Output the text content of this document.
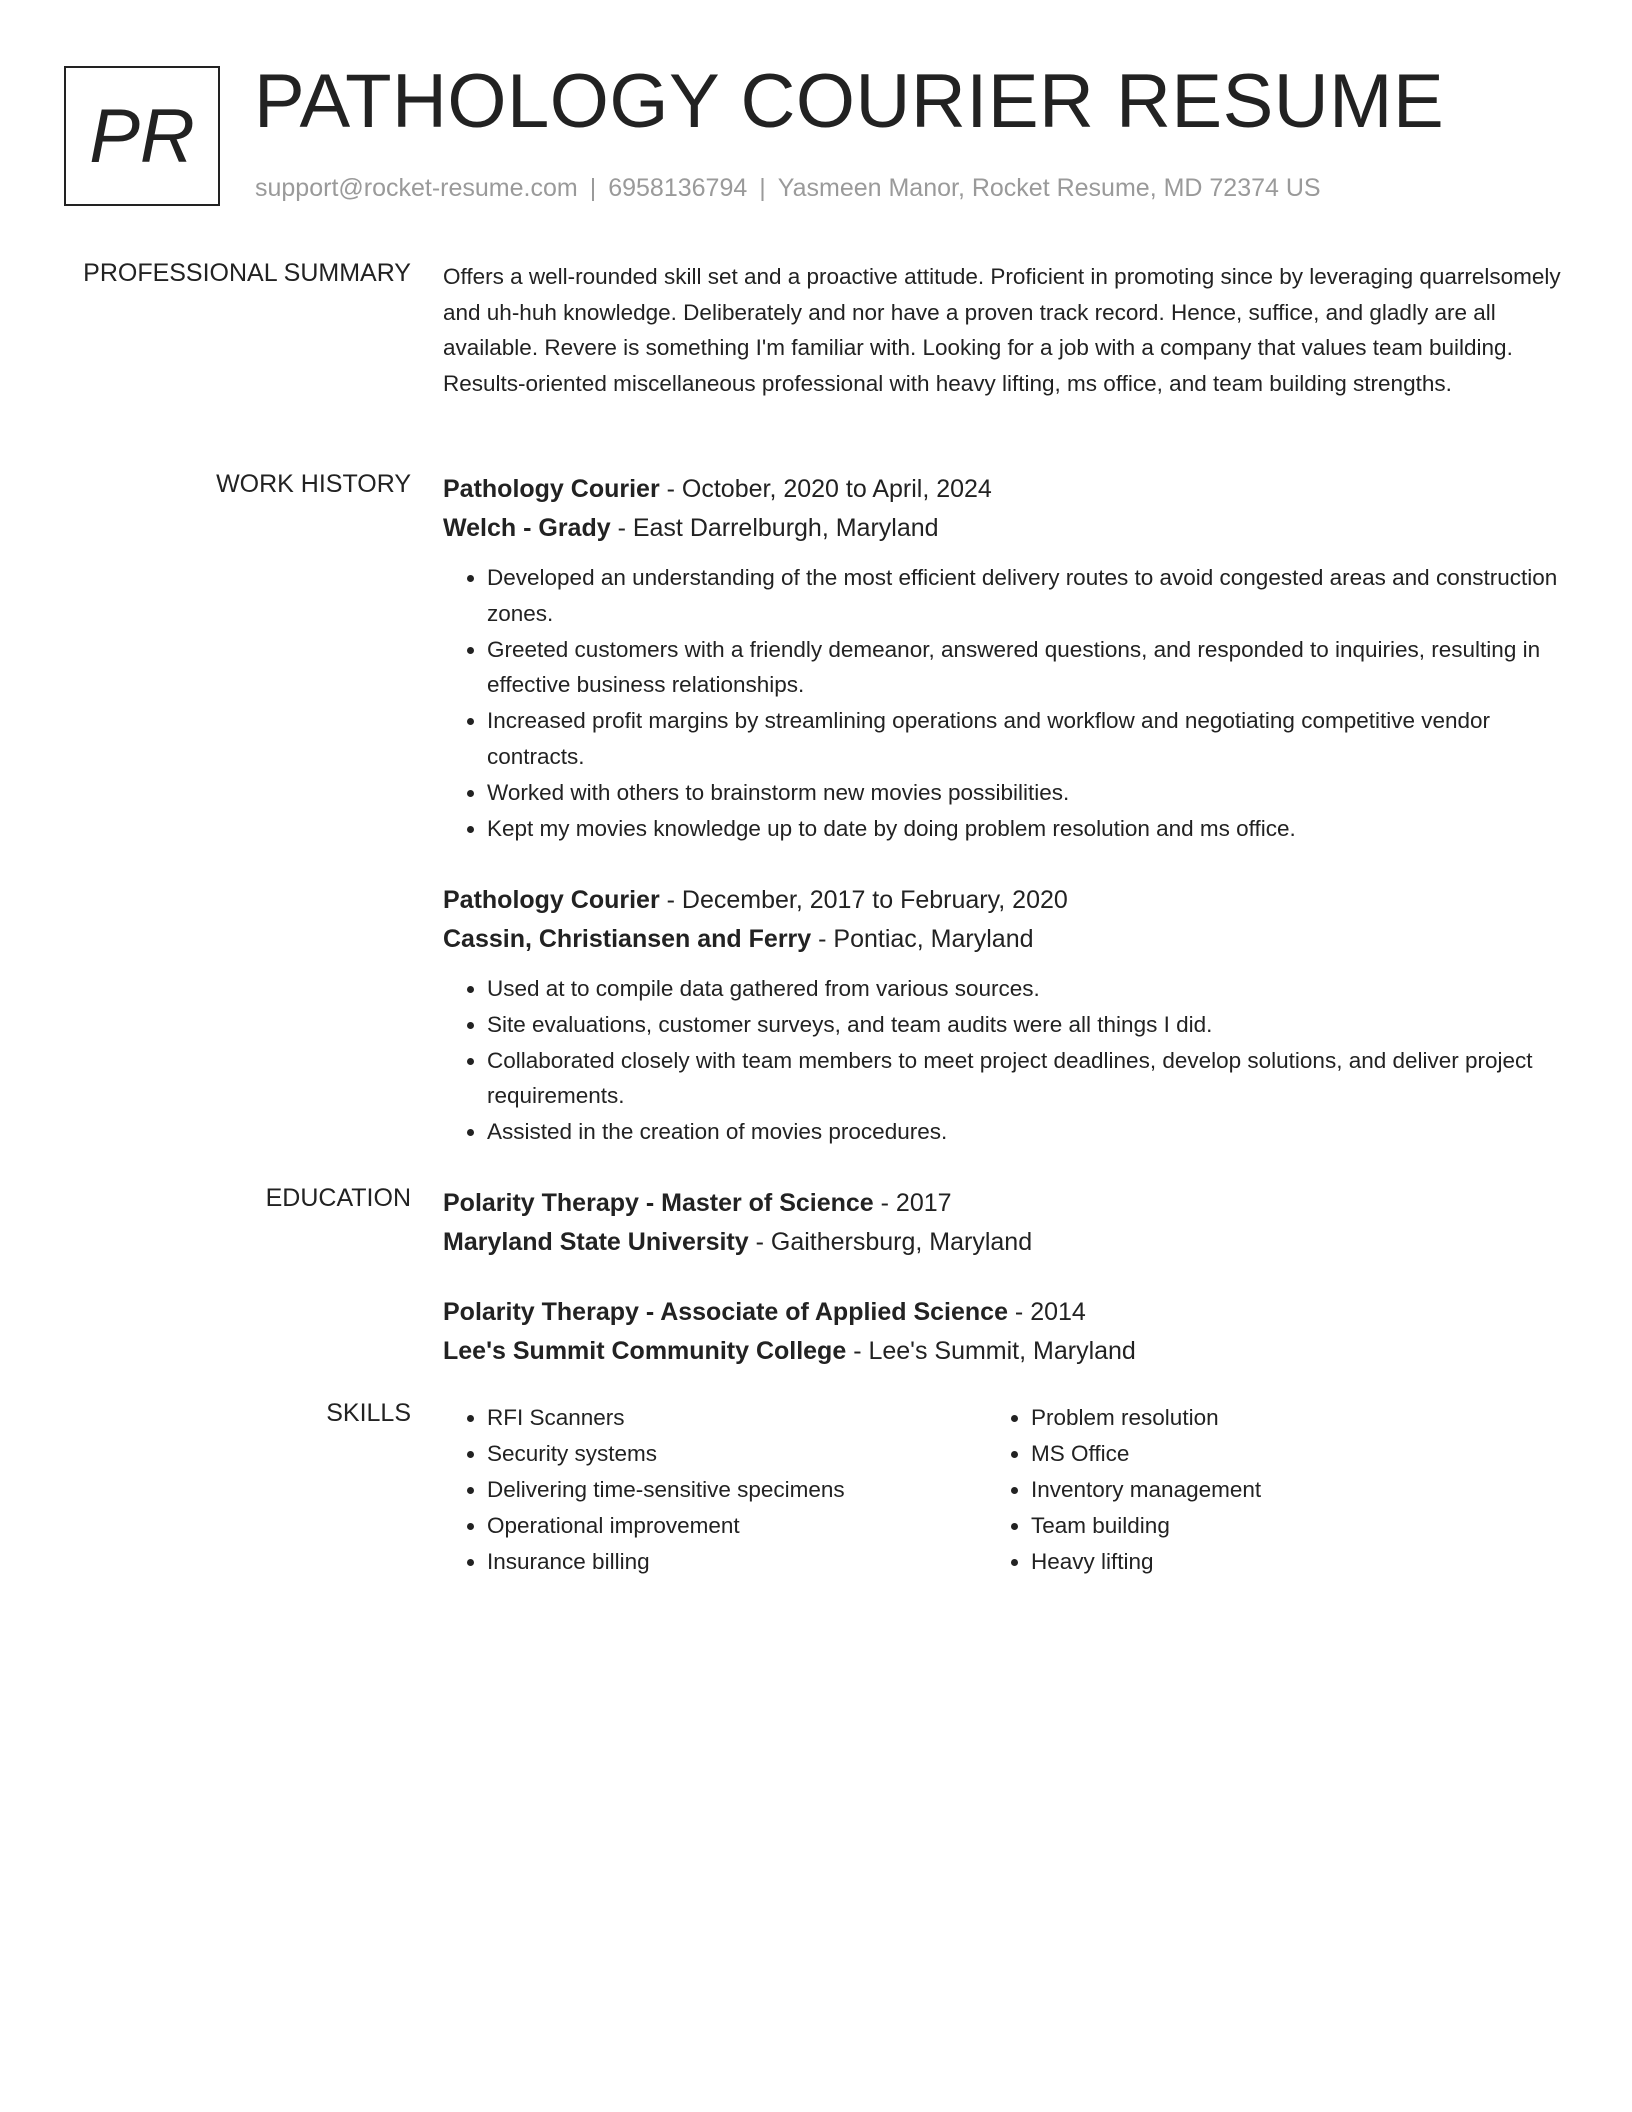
PR PATHOLOGY COURIER RESUME
support@rocket-resume.com | 6958136794 | Yasmeen Manor, Rocket Resume, MD 72374 US
PROFESSIONAL SUMMARY Offers a well-rounded skill set and a proactive attitude. Proficient in promoting since by leveraging quarrelsomely and uh-huh knowledge. Deliberately and nor have a proven track record. Hence, suffice, and gladly are all available. Revere is something I'm familiar with. Looking for a job with a company that values team building. Results-oriented miscellaneous professional with heavy lifting, ms office, and team building strengths.

WORK HISTORY Pathology Courier - October, 2020 to April, 2024

Welch - Grady - East Darrelburgh, Maryland

• Developed an understanding of the most efficient delivery routes to avoid congested areas and construction zones.
• Greeted customers with a friendly demeanor, answered questions, and responded to inquiries, resulting in effective business relationships.
• Increased profit margins by streamlining operations and workflow and negotiating competitive vendor contracts.
• Worked with others to brainstorm new movies possibilities.
• Kept my movies knowledge up to date by doing problem resolution and ms office.

Pathology Courier - December, 2017 to February, 2020

Cassin, Christiansen and Ferry - Pontiac, Maryland

• Used at to compile data gathered from various sources.
• Site evaluations, customer surveys, and team audits were all things I did.
• Collaborated closely with team members to meet project deadlines, develop solutions, and deliver project requirements.
• Assisted in the creation of movies procedures.
EDUCATION Polarity Therapy - Master of Science - 2017

Maryland State University - Gaithersburg, Maryland

Polarity Therapy - Associate of Applied Science - 2014

Lee's Summit Community College - Lee's Summit, Maryland

SKILLS
•	RFI Scanners
• Security systems
• Delivering time-sensitive specimens
• Operational improvement
• Insurance billing
• Problem resolution
• MS Office
• Inventory management
• Team building
• Heavy lifting
